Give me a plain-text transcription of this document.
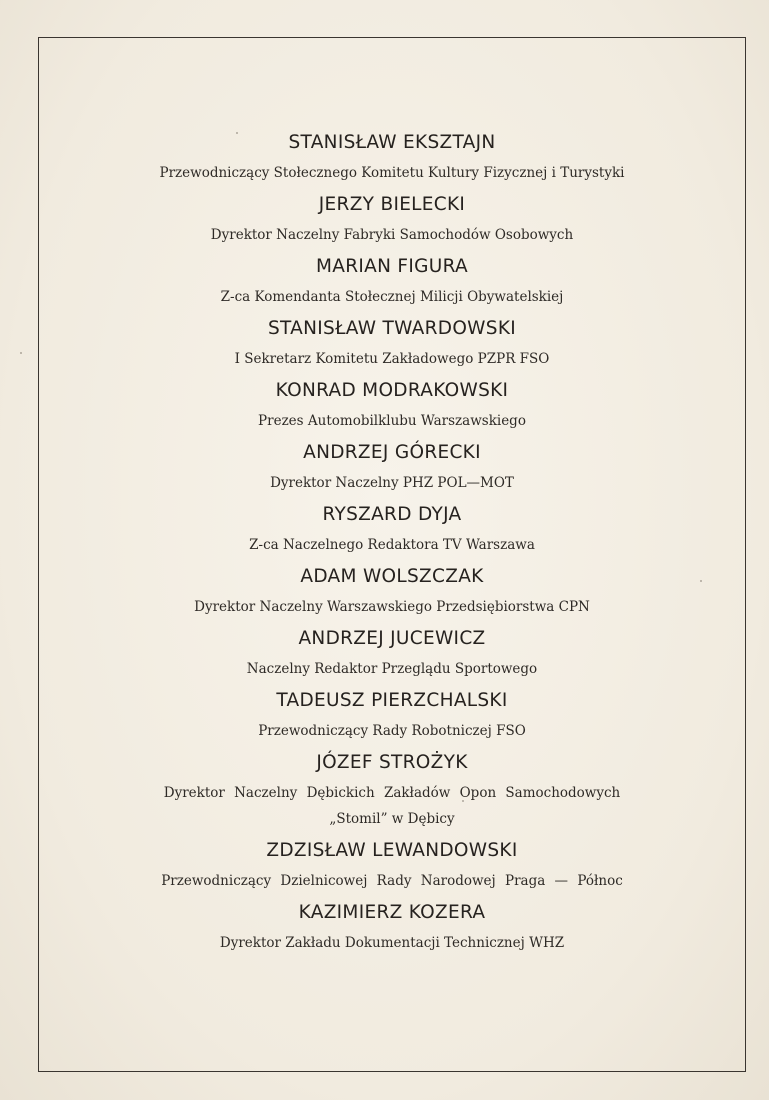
STANISŁAW EKSZTAJN
Przewodniczący Stołecznego Komitetu Kultury Fizycznej i Turystyki
JERZY BIELECKI
Dyrektor Naczelny Fabryki Samochodów Osobowych
MARIAN FIGURA
Z-ca Komendanta Stołecznej Milicji Obywatelskiej
STANISŁAW TWARDOWSKI
I Sekretarz Komitetu Zakładowego PZPR FSO
KONRAD MODRAKOWSKI
Prezes Automobilklubu Warszawskiego
ANDRZEJ GÓRECKI
Dyrektor Naczelny PHZ POL—MOT
RYSZARD DYJA
Z-ca Naczelnego Redaktora TV Warszawa
ADAM WOLSZCZAK
Dyrektor Naczelny Warszawskiego Przedsiębiorstwa CPN
ANDRZEJ JUCEWICZ
Naczelny Redaktor Przeglądu Sportowego
TADEUSZ PIERZCHALSKI
Przewodniczący Rady Robotniczej FSO
JÓZEF STROŻYK
Dyrektor Naczelny Dębickich Zakładów Opon Samochodowych
„Stomil” w Dębicy
ZDZISŁAW LEWANDOWSKI
Przewodniczący Dzielnicowej Rady Narodowej Praga — Północ
KAZIMIERZ KOZERA
Dyrektor Zakładu Dokumentacji Technicznej WHZ
